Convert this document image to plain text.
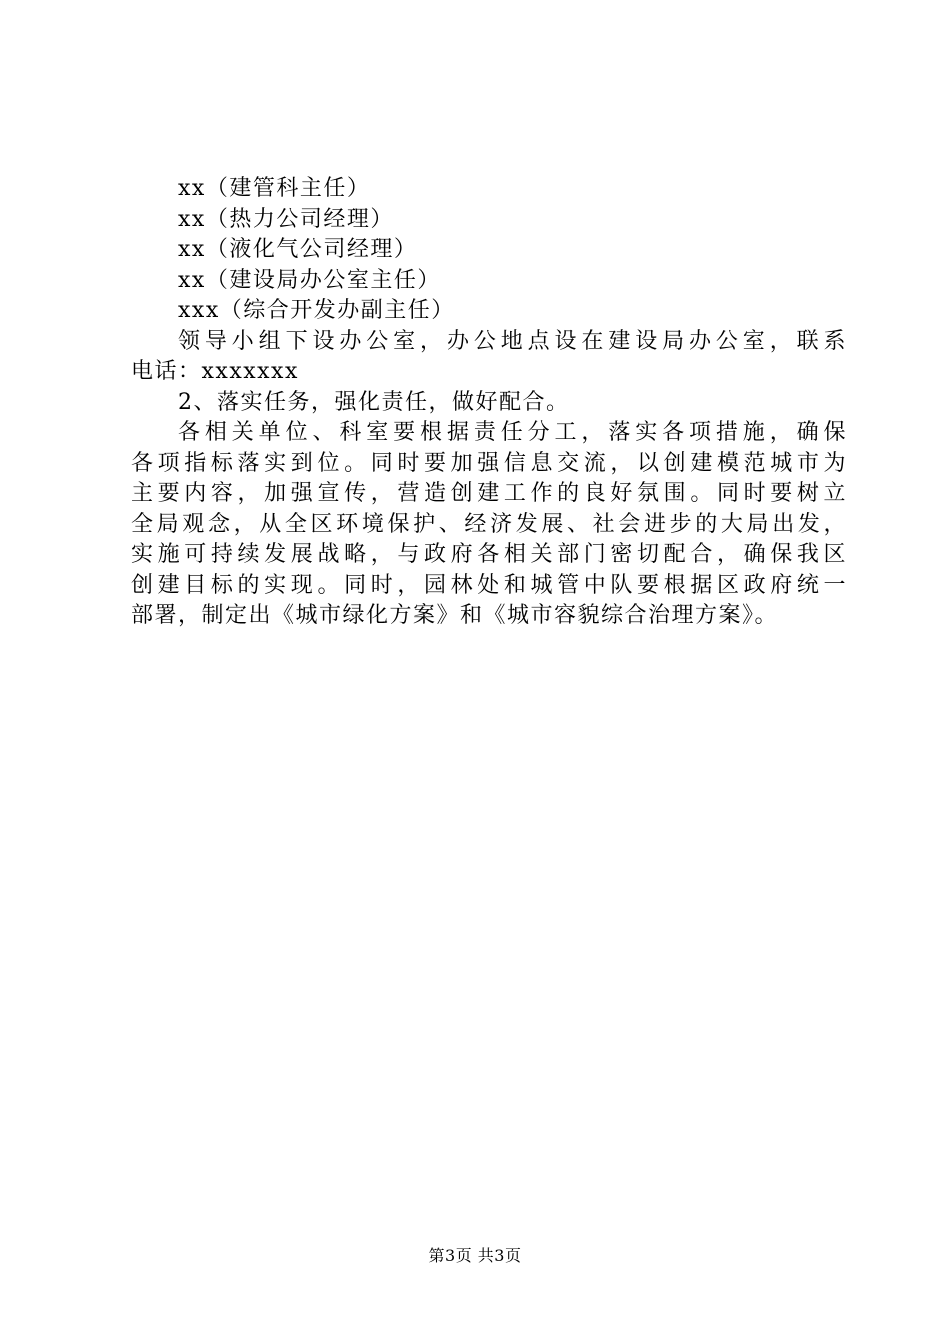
xx（建管科主任）
xx（热力公司经理）
xx（液化气公司经理）
xx（建设局办公室主任）
xxx（综合开发办副主任）
领导小组下设办公室，办公地点设在建设局办公室，联系
电话：xxxxxxx
2、落实任务，强化责任，做好配合。
各相关单位、科室要根据责任分工，落实各项措施，确保
各项指标落实到位。同时要加强信息交流，以创建模范城市为
主要内容，加强宣传，营造创建工作的良好氛围。同时要树立
全局观念，从全区环境保护、经济发展、社会进步的大局出发，
实施可持续发展战略，与政府各相关部门密切配合，确保我区
创建目标的实现。同时，园林处和城管中队要根据区政府统一
部署，制定出《城市绿化方案》和《城市容貌综合治理方案》。
第3页 共3页
